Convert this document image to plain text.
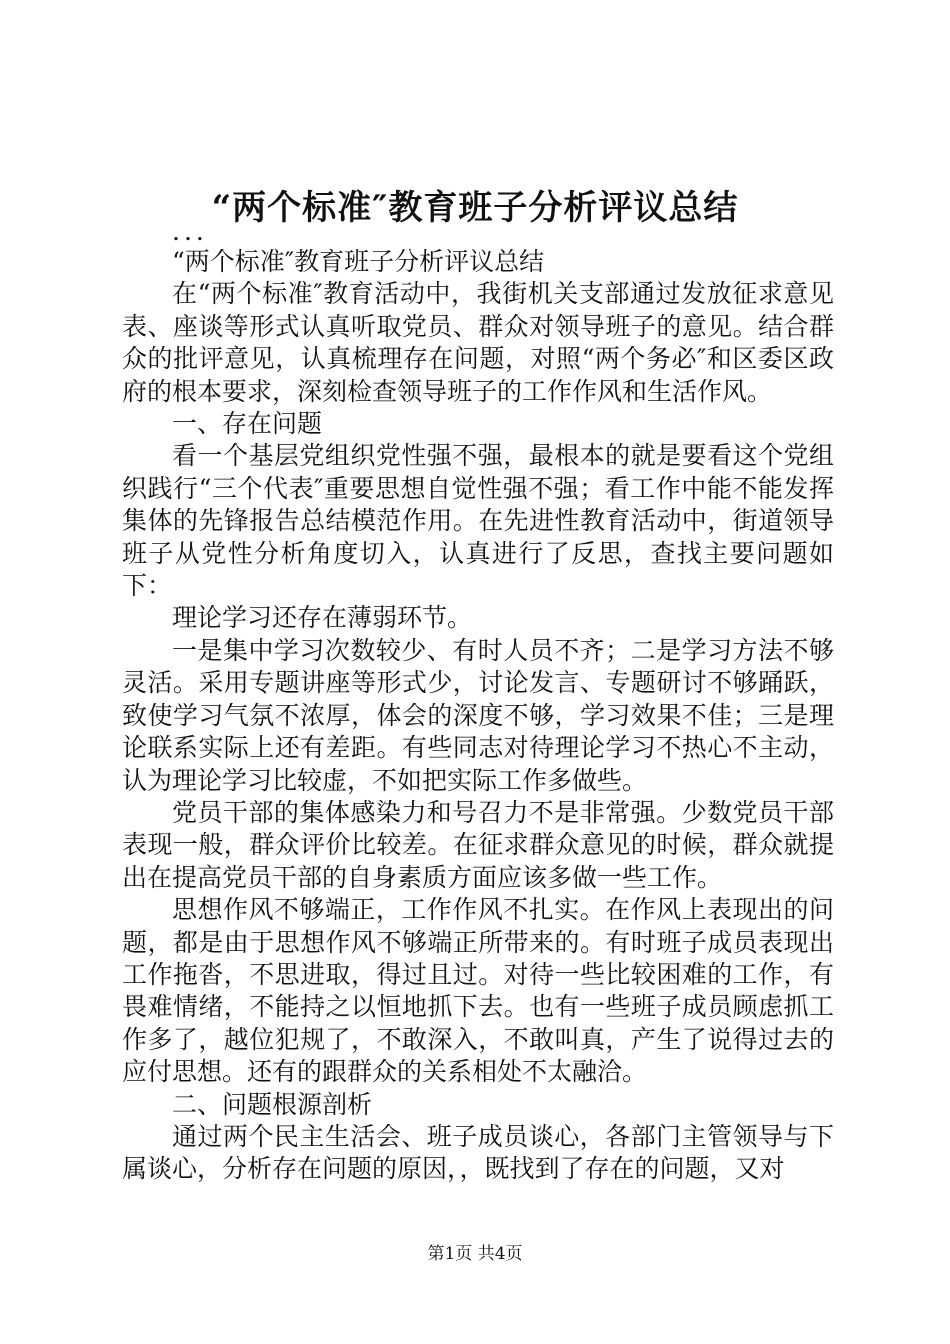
“两个标准″教育班子分析评议总结

...

“两个标准″教育班子分析评议总结

在“两个标准″教育活动中，我街机关支部通过发放征求意见表、座谈等形式认真听取党员、群众对领导班子的意见。结合群众的批评意见，认真梳理存在问题，对照“两个务必″和区委区政府的根本要求，深刻检查领导班子的工作作风和生活作风。

一、存在问题

看一个基层党组织党性强不强，最根本的就是要看这个党组织践行“三个代表″重要思想自觉性强不强；看工作中能不能发挥集体的先锋报告总结模范作用。在先进性教育活动中，街道领导班子从党性分析角度切入，认真进行了反思，查找主要问题如下：

理论学习还存在薄弱环节。

一是集中学习次数较少、有时人员不齐；二是学习方法不够灵活。采用专题讲座等形式少，讨论发言、专题研讨不够踊跃，致使学习气氛不浓厚，体会的深度不够，学习效果不佳；三是理论联系实际上还有差距。有些同志对待理论学习不热心不主动，认为理论学习比较虚，不如把实际工作多做些。

党员干部的集体感染力和号召力不是非常强。少数党员干部表现一般，群众评价比较差。在征求群众意见的时候，群众就提出在提高党员干部的自身素质方面应该多做一些工作。

思想作风不够端正，工作作风不扎实。在作风上表现出的问题，都是由于思想作风不够端正所带来的。有时班子成员表现出工作拖沓，不思进取，得过且过。对待一些比较困难的工作，有畏难情绪，不能持之以恒地抓下去。也有一些班子成员顾虑抓工作多了，越位犯规了，不敢深入，不敢叫真，产生了说得过去的应付思想。还有的跟群众的关系相处不太融洽。

二、问题根源剖析

通过两个民主生活会、班子成员谈心，各部门主管领导与下属谈心，分析存在问题的原因，，既找到了存在的问题，又对

第1页 共4页
